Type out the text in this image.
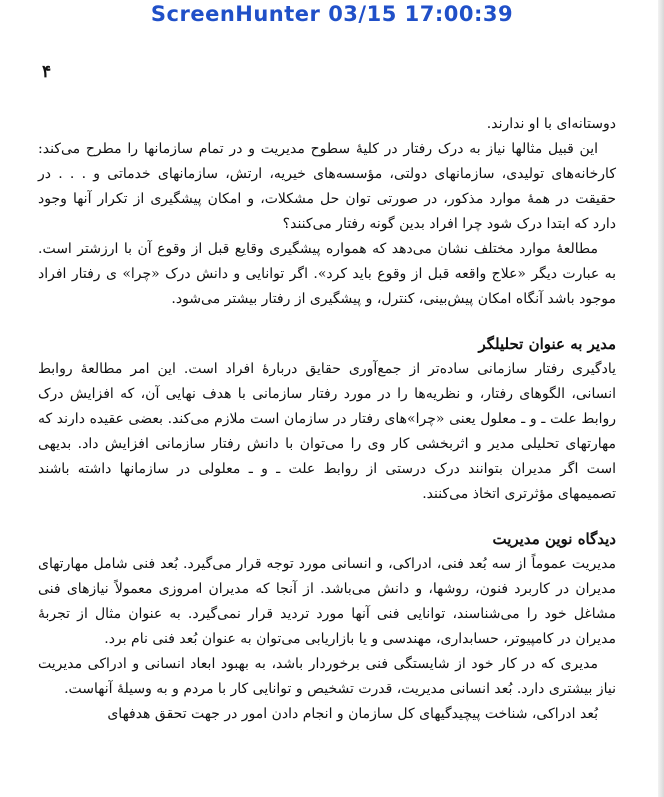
ScreenHunter 03/15 17:00:39
۴

دوستانه‌ای با او ندارند.

این قبیل مثالها نیاز به درک رفتار در کلیهٔ سطوح مدیریت و در تمام سازمانها را مطرح می‌کند: کارخانه‌های تولیدی، سازمانهای دولتی، مؤسسه‌های خیریه، ارتش، سازمانهای خدماتی و . . . در حقیقت در همهٔ موارد مذکور، در صورتی توان حل مشکلات، و امکان پیشگیری از تکرار آنها وجود دارد که ابتدا درک شود چرا افراد بدین گونه رفتار می‌کنند؟

مطالعهٔ موارد مختلف نشان می‌دهد که همواره پیشگیری وقایع قبل از وقوع آن با ارزشتر است. به عبارت دیگر «علاج واقعه قبل از وقوع باید کرد». اگر توانایی و دانش درک «چرا» ی رفتار افراد موجود باشد آنگاه امکان پیش‌بینی، کنترل، و پیشگیری از رفتار بیشتر می‌شود.

مدیر به عنوان تحلیلگر

یادگیری رفتار سازمانی ساده‌تر از جمع‌آوری حقایق دربارهٔ افراد است. این امر مطالعهٔ روابط انسانی، الگوهای رفتار، و نظریه‌ها را در مورد رفتار سازمانی با هدف نهایی آن، که افزایش درک روابط علت ـ و ـ معلول یعنی «چرا»های رفتار در سازمان است ملازم می‌کند. بعضی عقیده دارند که مهارتهای تحلیلی مدیر و اثربخشی کار وی را می‌توان با دانش رفتار سازمانی افزایش داد. بدیهی است اگر مدیران بتوانند درک درستی از روابط علت ـ و ـ معلولی در سازمانها داشته باشند تصمیمهای مؤثرتری اتخاذ می‌کنند.

دیدگاه نوین مدیریت

مدیریت عموماً از سه بُعد فنی، ادراکی، و انسانی مورد توجه قرار می‌گیرد. بُعد فنی شامل مهارتهای مدیران در کاربرد فنون، روشها، و دانش می‌باشد. از آنجا که مدیران امروزی معمولاً نیازهای فنی مشاغل خود را می‌شناسند، توانایی فنی آنها مورد تردید قرار نمی‌گیرد. به عنوان مثال از تجربهٔ مدیران در کامپیوتر، حسابداری، مهندسی و یا بازاریابی می‌توان به عنوان بُعد فنی نام برد.

مدیری که در کار خود از شایستگی فنی برخوردار باشد، به بهبود ابعاد انسانی و ادراکی مدیریت نیاز بیشتری دارد. بُعد انسانی مدیریت، قدرت تشخیص و توانایی کار با مردم و به وسیلهٔ آنهاست.

بُعد ادراکی، شناخت پیچیدگیهای کل سازمان و انجام دادن امور در جهت تحقق هدفهای
